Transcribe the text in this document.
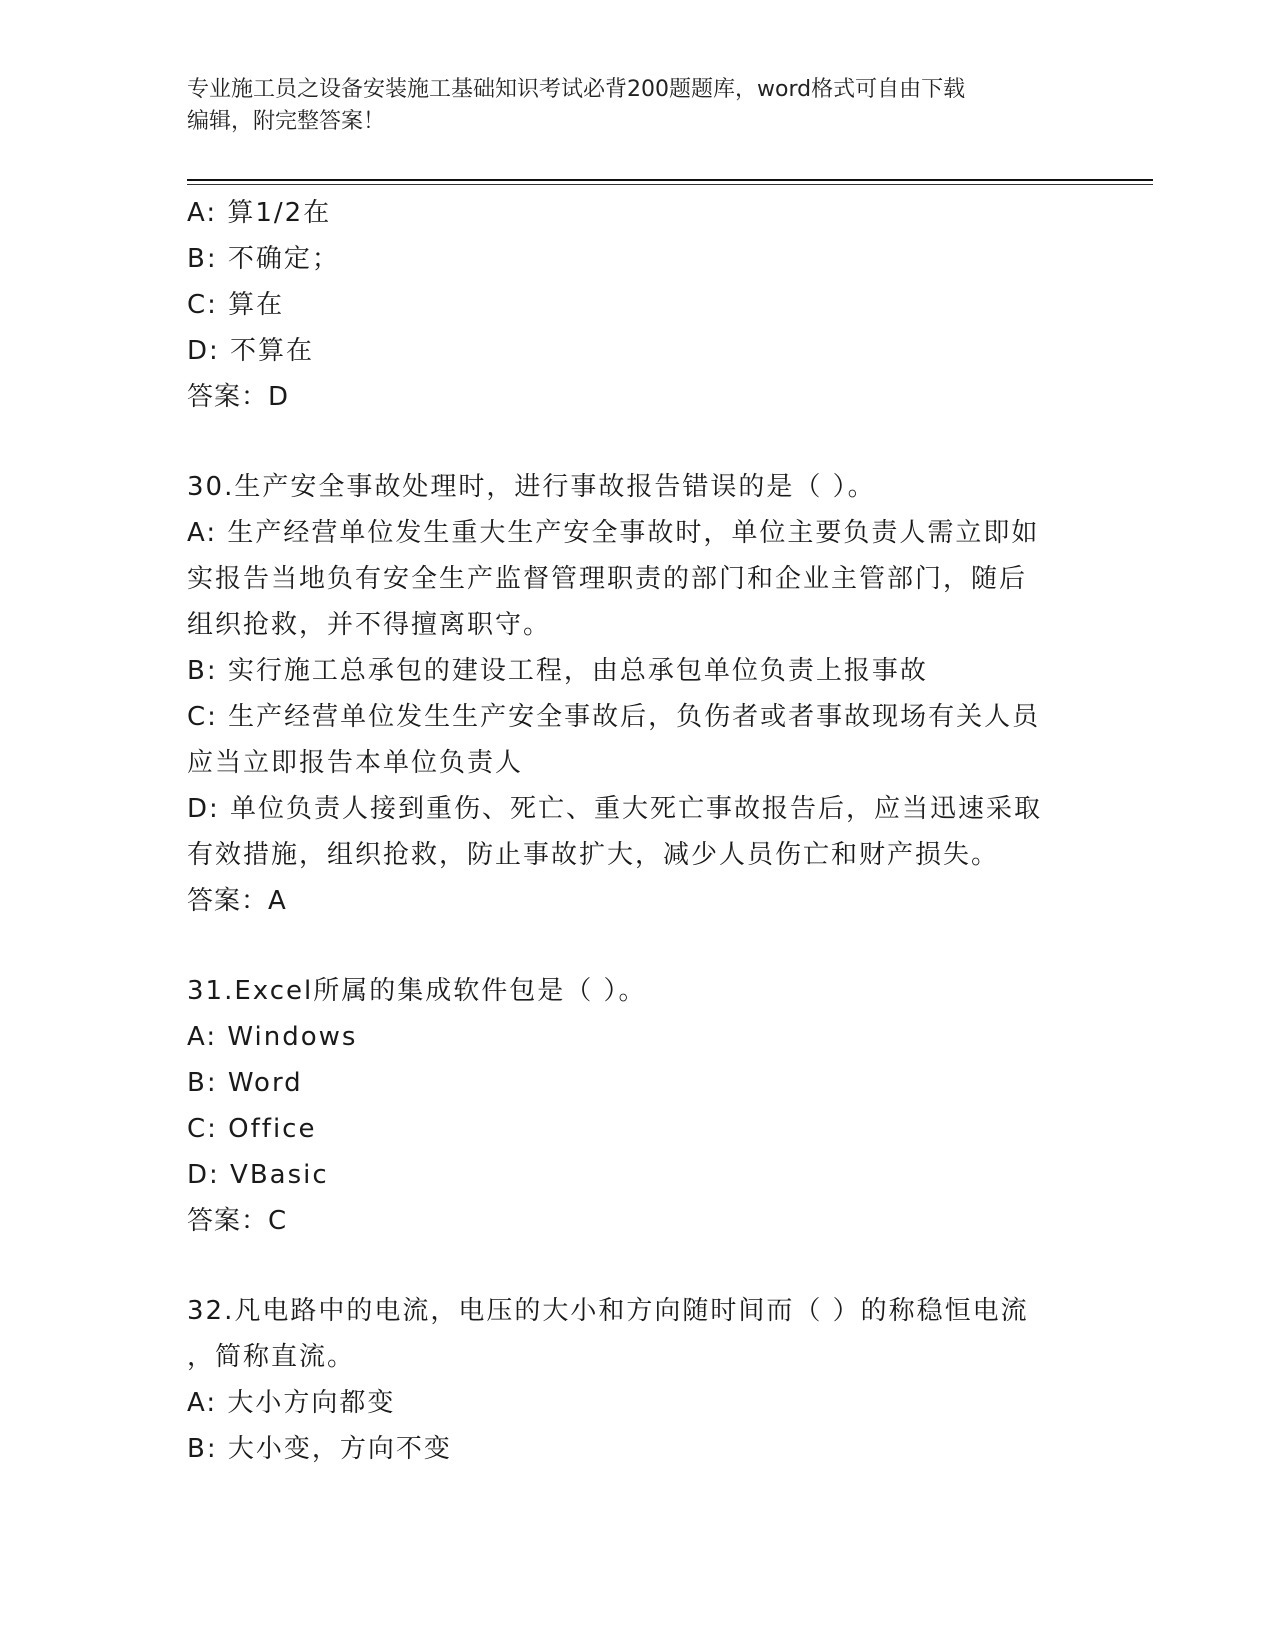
专业施工员之设备安装施工基础知识考试必背200题题库，word格式可自由下载
编辑，附完整答案！
A: 算1/2在
B: 不确定；
C: 算在
D: 不算在
答案：D
30.生产安全事故处理时，进行事故报告错误的是（ ）。
A: 生产经营单位发生重大生产安全事故时，单位主要负责人需立即如
实报告当地负有安全生产监督管理职责的部门和企业主管部门，随后
组织抢救，并不得擅离职守。
B: 实行施工总承包的建设工程，由总承包单位负责上报事故
C: 生产经营单位发生生产安全事故后，负伤者或者事故现场有关人员
应当立即报告本单位负责人
D: 单位负责人接到重伤、死亡、重大死亡事故报告后，应当迅速采取
有效措施，组织抢救，防止事故扩大，减少人员伤亡和财产损失。
答案：A
31.Excel所属的集成软件包是（ ）。
A: Windows
B: Word
C: Office
D: VBasic
答案：C
32.凡电路中的电流，电压的大小和方向随时间而（ ）的称稳恒电流
，简称直流。
A: 大小方向都变
B: 大小变，方向不变
